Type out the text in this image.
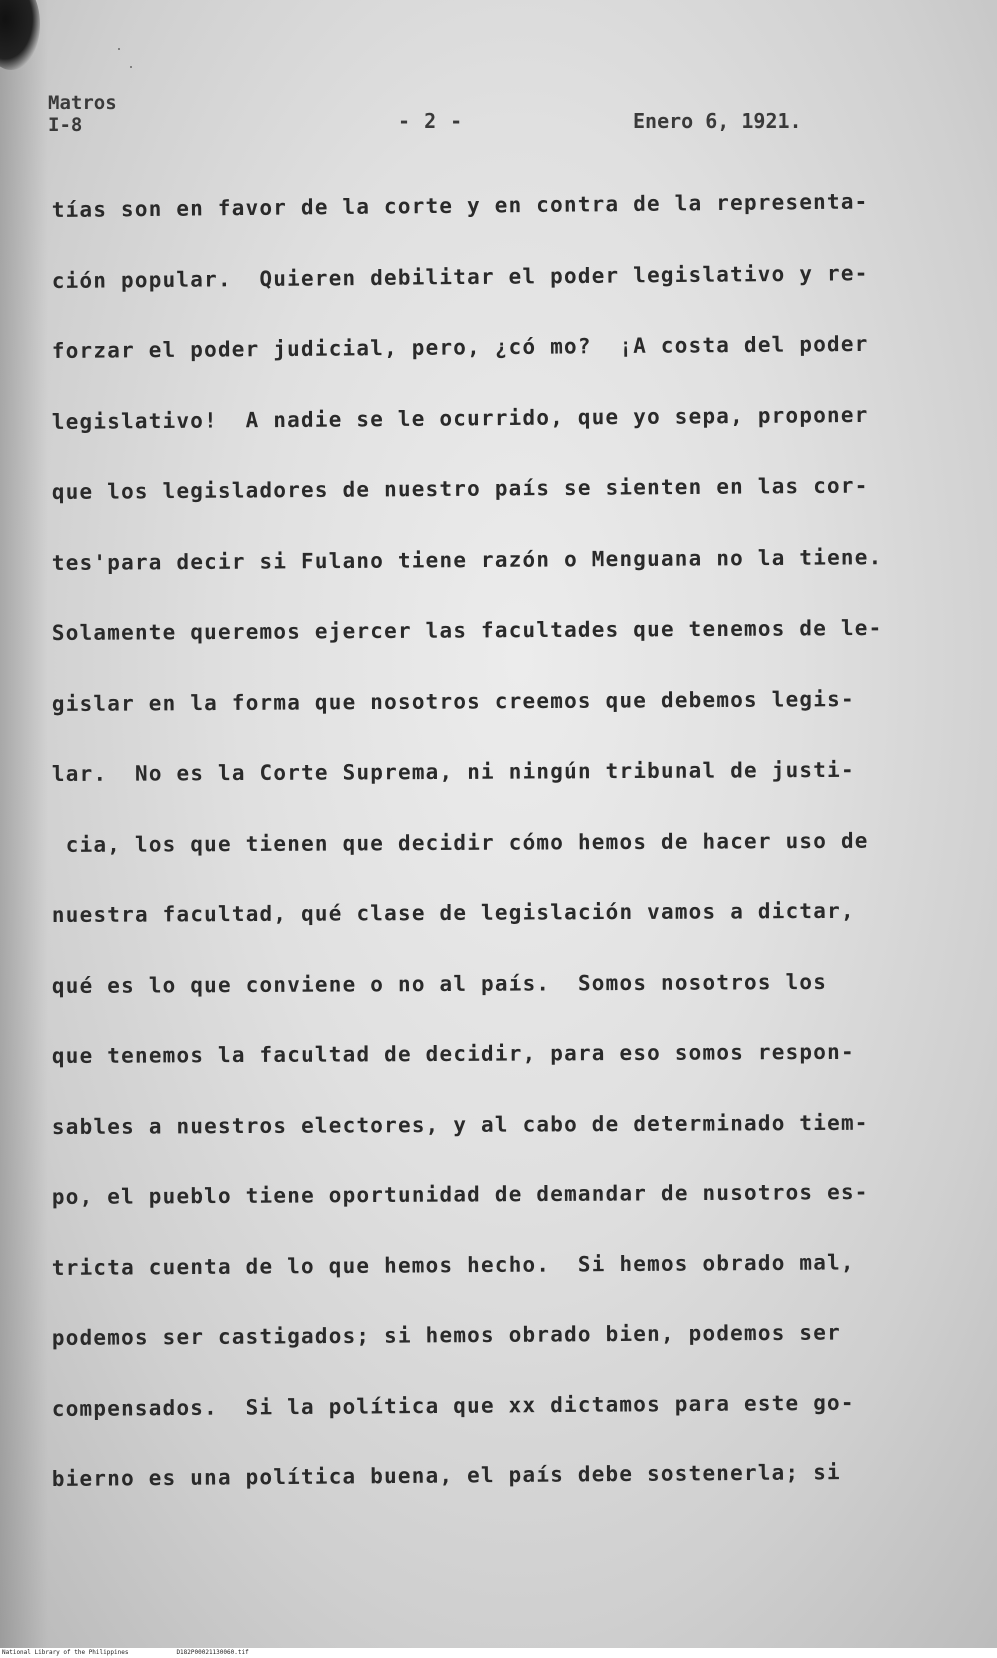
Matros
I-8	- 2 -	Enero 6, 1921.
tías son en favor de la corte y en contra de la representa-
ción popular.  Quieren debilitar el poder legislativo y re-
forzar el poder judicial, pero, ¿có mo?  ¡A costa del poder
legislativo!  A nadie se le ocurrido, que yo sepa, proponer
que los legisladores de nuestro país se sienten en las cor-
tes'para decir si Fulano tiene razón o Menguana no la tiene.
Solamente queremos ejercer las facultades que tenemos de le-
gislar en la forma que nosotros creemos que debemos legis-
lar.  No es la Corte Suprema, ni ningún tribunal de justi-
cia, los que tienen que decidir cómo hemos de hacer uso de
nuestra facultad, qué clase de legislación vamos a dictar,
qué es lo que conviene o no al país.  Somos nosotros los
que tenemos la facultad de decidir, para eso somos respon-
sables a nuestros electores, y al cabo de determinado tiem-
po, el pueblo tiene oportunidad de demandar de nusotros es-
tricta cuenta de lo que hemos hecho.  Si hemos obrado mal,
podemos ser castigados; si hemos obrado bien, podemos ser
compensados.  Si la política que xx dictamos para este go-
bierno es una política buena, el país debe sostenerla; si
National Library of the Philippines	D182P00021130060.tif
